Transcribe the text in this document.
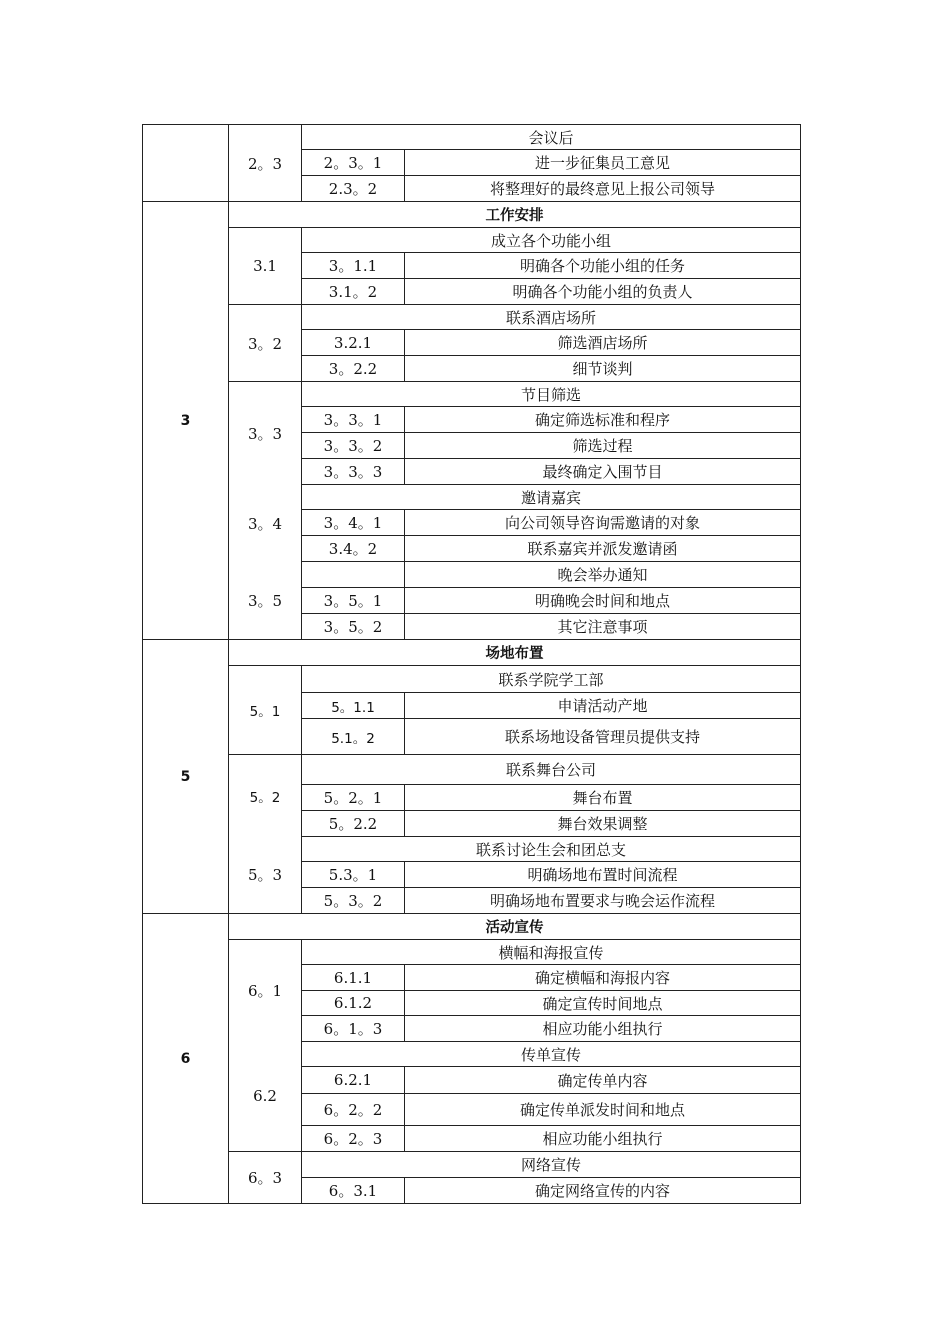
	2。3	会议后	
		2。3。1	进一步征集员工意见
		2.3。2	将整理好的最终意见上报公司领导
3	工作安排		
	3.1	成立各个功能小组	
		3。1.1	明确各个功能小组的任务
		3.1。2	明确各个功能小组的负责人
	3。2	联系酒店场所	
		3.2.1	筛选酒店场所
		3。2.2	细节谈判
	3。3	节目筛选	
		3。3。1	确定筛选标准和程序
		3。3。2	筛选过程
		3。3。3	最终确定入围节目
	3。4	邀请嘉宾	
		3。4。1	向公司领导咨询需邀请的对象
		3.4。2	联系嘉宾并派发邀请函
	3。5		晚会举办通知
		3。5。1	明确晚会时间和地点
		3。5。2	其它注意事项
5	场地布置		
	5。1	联系学院学工部	
		5。1.1	申请活动产地
		5.1。2	联系场地设备管理员提供支持
	5。2	联系舞台公司	
		5。2。1	舞台布置
		5。2.2	舞台效果调整
	5。3	联系讨论生会和团总支	
		5.3。1	明确场地布置时间流程
		5。3。2	明确场地布置要求与晚会运作流程
6	活动宣传		
	6。1	横幅和海报宣传	
		6.1.1	确定横幅和海报内容
		6.1.2	确定宣传时间地点
		6。1。3	相应功能小组执行
	6.2	传单宣传	
		6.2.1	确定传单内容
		6。2。2	确定传单派发时间和地点
		6。2。3	相应功能小组执行
	6。3	网络宣传	
		6。3.1	确定网络宣传的内容
